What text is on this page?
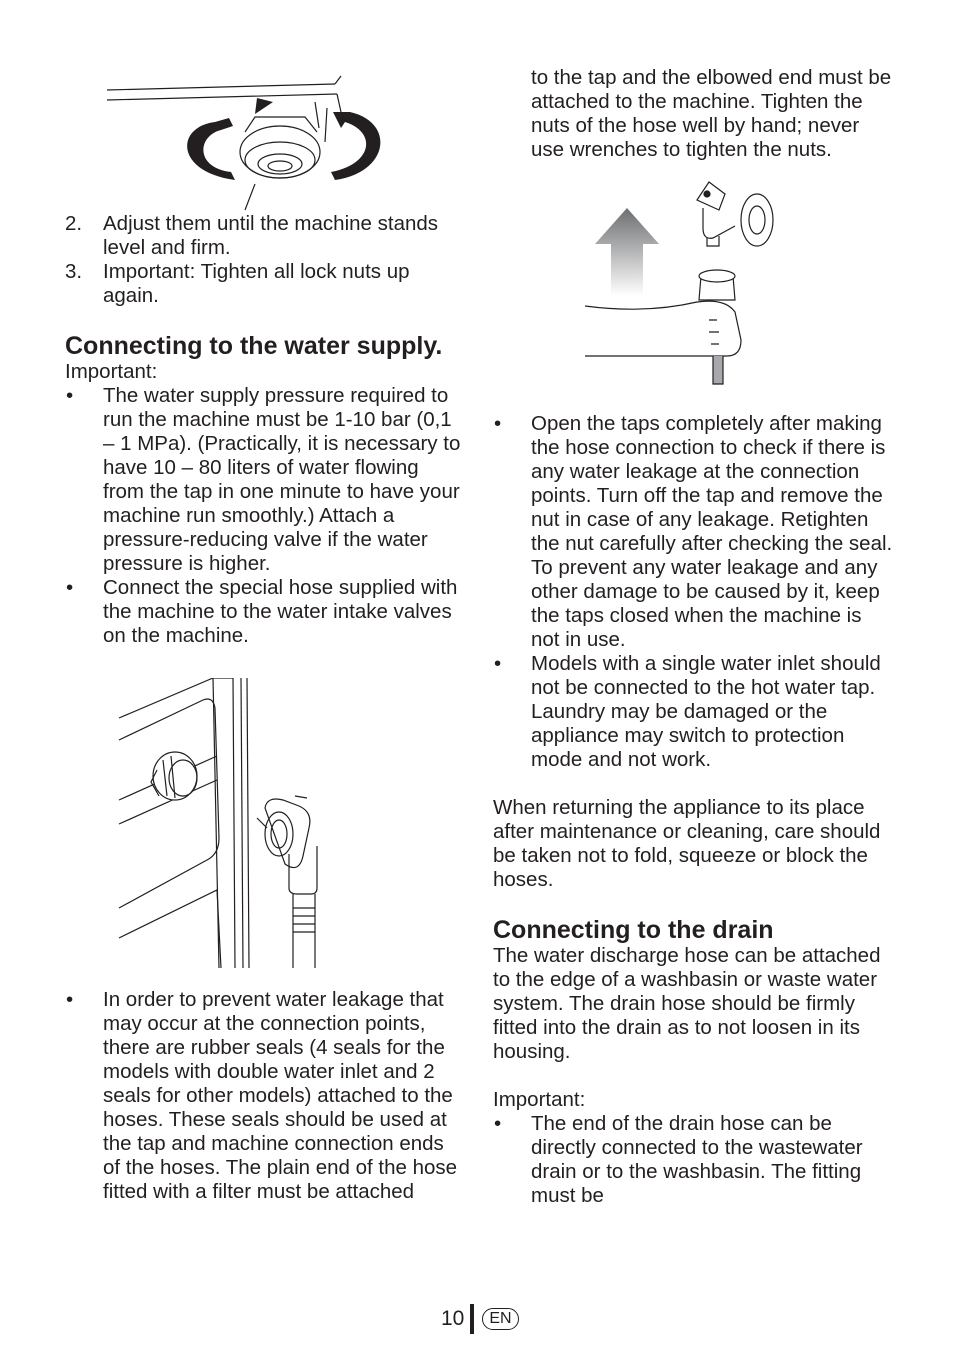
2. Adjust them until the machine stands level and firm.

3. Important: Tighten all lock nuts up again.

Connecting to the water supply.

Important:

• The water supply pressure required to run the machine must be 1-10 bar (0,1 – 1 MPa). (Practically, it is necessary to have 10 – 80 liters of water flowing from the tap in one minute to have your machine run smoothly.) Attach a pressure-reducing valve if the water pressure is higher.

• Connect the special hose supplied with the machine to the water intake valves on the machine.

• In order to prevent water leakage that may occur at the connection points, there are rubber seals (4 seals for the models with double water inlet and 2 seals for other models) attached to the hoses. These seals should be used at the tap and machine connection ends of the hoses. The plain end of the hose fitted with a filter must be attached

to the tap and the elbowed end must be attached to the machine. Tighten the nuts of the hose well by hand; never use wrenches to tighten the nuts.

• Open the taps completely after making the hose connection to check if there is any water leakage at the connection points. Turn off the tap and remove the nut in case of any leakage. Retighten the nut carefully after checking the seal. To prevent any water leakage and any other damage to be caused by it, keep the taps closed when the machine is not in use.

• Models with a single water inlet should not be connected to the hot water tap. Laundry may be damaged or the appliance may switch to protection mode and not work.

When returning the appliance to its place after maintenance or cleaning, care should be taken not to fold, squeeze or block the hoses.

Connecting to the drain

The water discharge hose can be attached to the edge of a washbasin or waste water system. The drain hose should be firmly fitted into the drain as to not loosen in its housing.

Important:

• The end of the drain hose can be directly connected to the wastewater drain or to the washbasin. The fitting must be

10	EN
